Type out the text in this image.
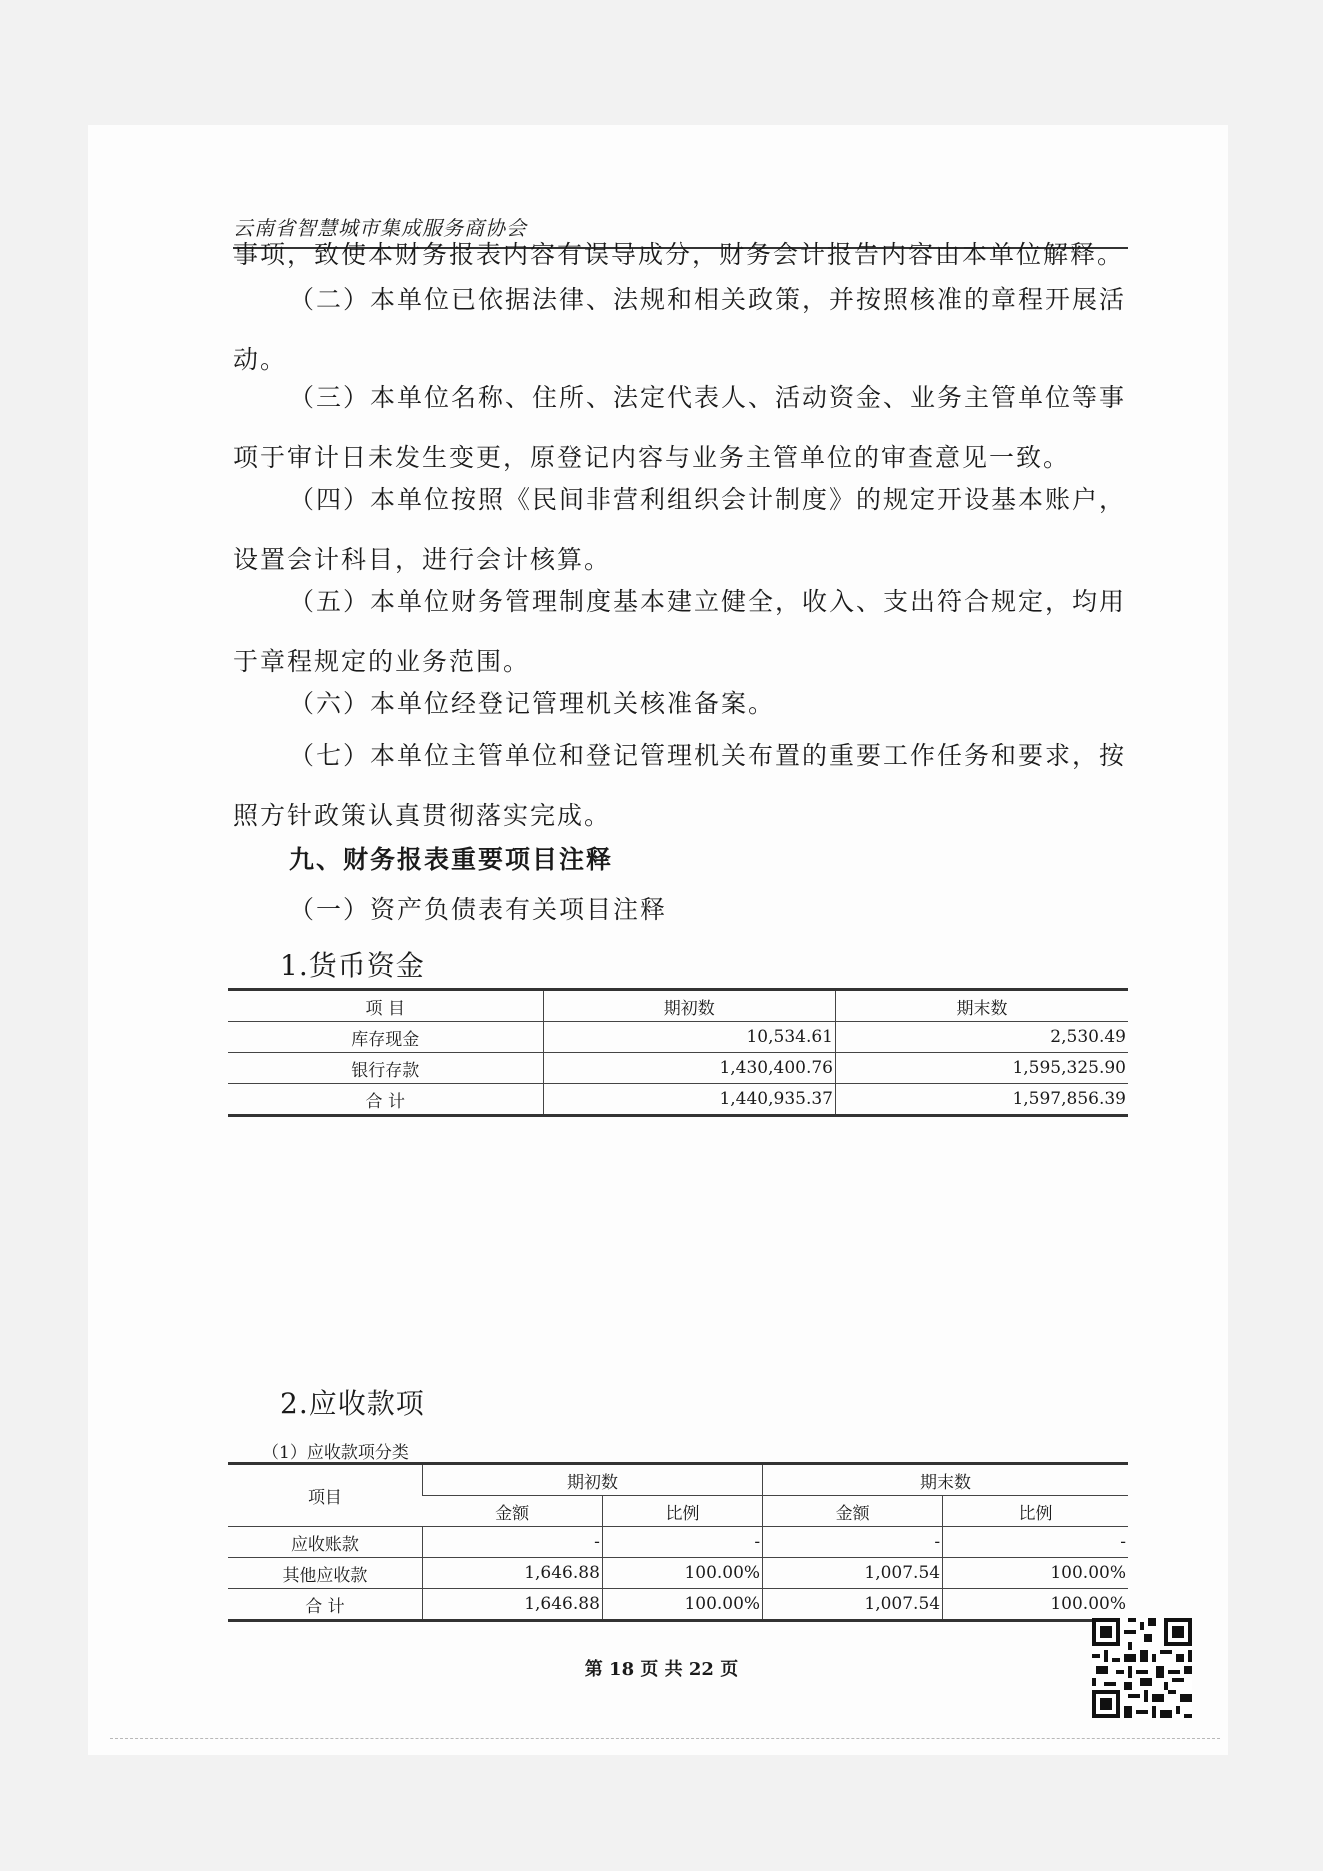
云南省智慧城市集成服务商协会

事项，致使本财务报表内容有误导成分，财务会计报告内容由本单位解释。

（二）本单位已依据法律、法规和相关政策，并按照核准的章程开展活动。

（三）本单位名称、住所、法定代表人、活动资金、业务主管单位等事项于审计日未发生变更，原登记内容与业务主管单位的审查意见一致。

（四）本单位按照《民间非营利组织会计制度》的规定开设基本账户，设置会计科目，进行会计核算。

（五）本单位财务管理制度基本建立健全，收入、支出符合规定，均用于章程规定的业务范围。

（六）本单位经登记管理机关核准备案。

（七）本单位主管单位和登记管理机关布置的重要工作任务和要求，按照方针政策认真贯彻落实完成。

九、财务报表重要项目注释

（一）资产负债表有关项目注释

1.货币资金
项 目	期初数	期末数
库存现金	10,534.61	2,530.49
银行存款	1,430,400.76	1,595,325.90
合 计	1,440,935.37	1,597,856.39
2.应收款项
（1）应收款项分类
项目	期初数		期末数	
	金额	比例	金额	比例
应收账款	-	-	-	-
其他应收款	1,646.88	100.00%	1,007.54	100.00%
合 计	1,646.88	100.00%	1,007.54	100.00%
第 18 页 共 22 页
